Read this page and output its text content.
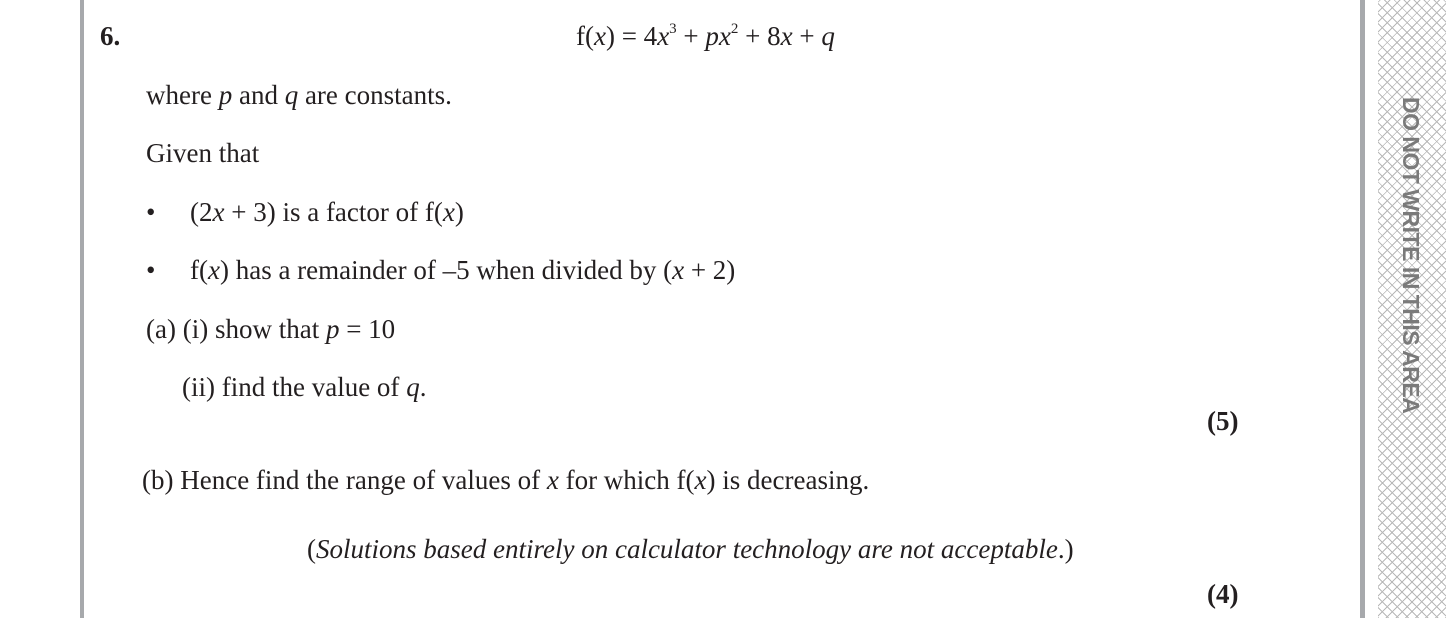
DO NOT WRITE IN THIS AREA
6.	$f(x) = 4x^3 + px^2 + 8x + q$
where p and q are constants.
Given that
• (2x + 3) is a factor of f(x)
• f(x) has a remainder of –5 when divided by (x + 2)
(a) (i) show that p = 10
(ii) find the value of q.
(5)
(b) Hence find the range of values of x for which f(x) is decreasing.
(Solutions based entirely on calculator technology are not acceptable.)
(4)
